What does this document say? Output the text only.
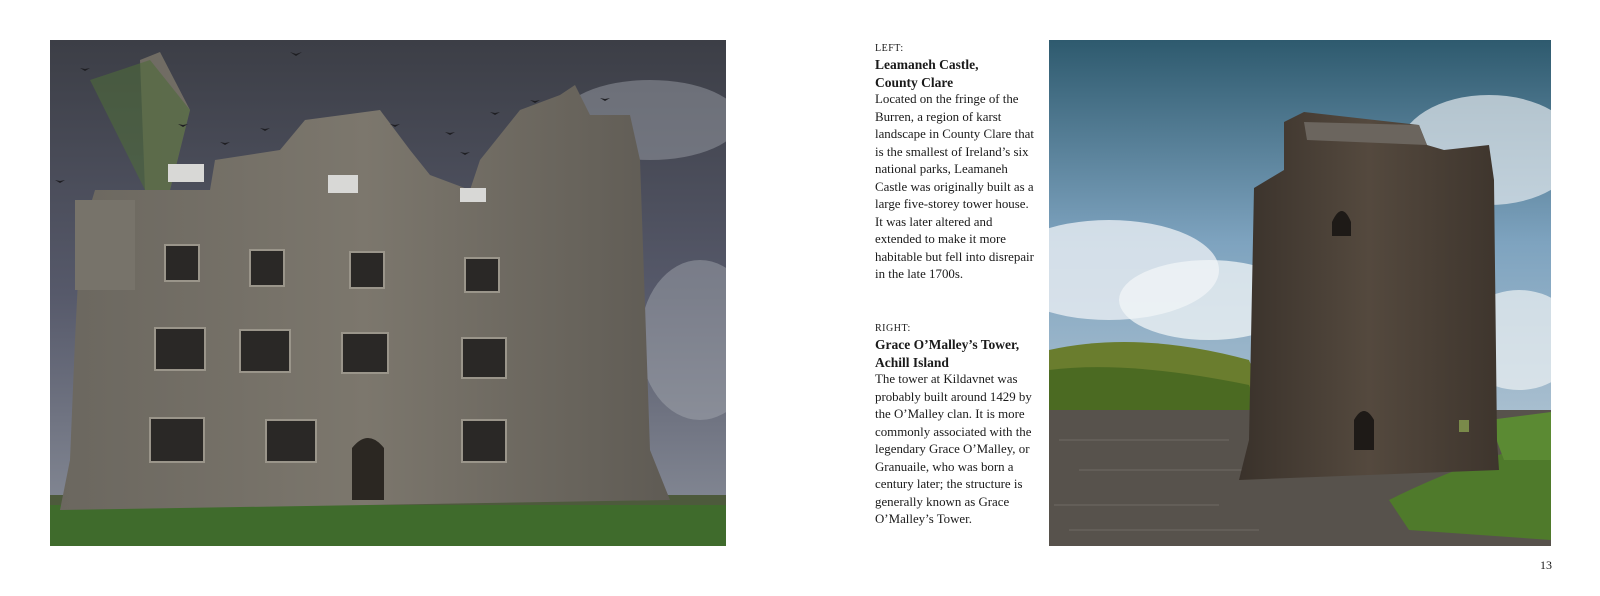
LEFT:
Leamaneh Castle,
County Clare

Located on the fringe of the Burren, a region of karst landscape in County Clare that is the smallest of Ireland’s six national parks, Leamaneh Castle was originally built as a large five-storey tower house. It was later altered and extended to make it more habitable but fell into disrepair in the late 1700s.

RIGHT:
Grace O’Malley’s Tower,
Achill Island

The tower at Kildavnet was probably built around 1429 by the O’Malley clan. It is more commonly associated with the legendary Grace O’Malley, or Granuaile, who was born a century later; the structure is generally known as Grace O’Malley’s Tower.

13
